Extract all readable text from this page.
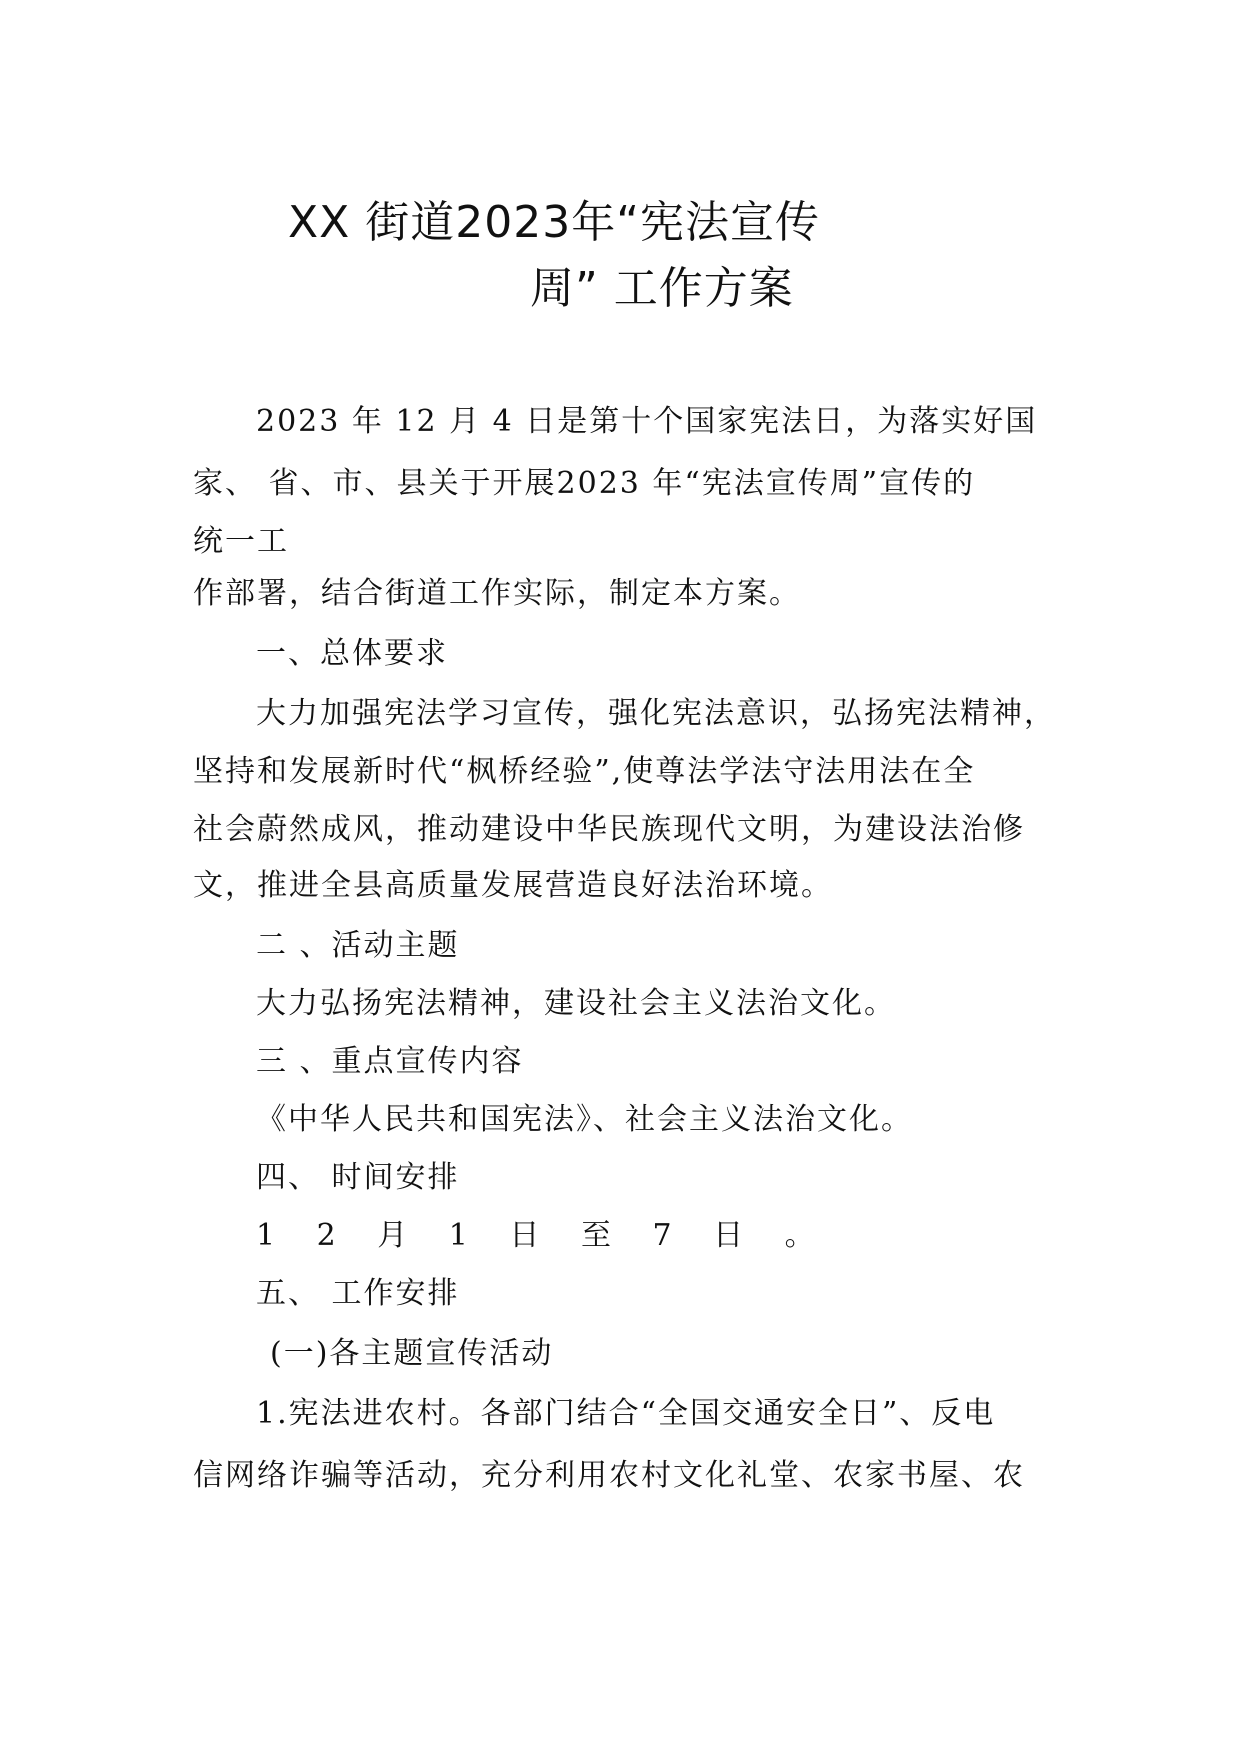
XX 街道2023年“宪法宣传
周” 工作方案
2023 年 12 月 4 日是第十个国家宪法日，为落实好国
家、 省、市、县关于开展2023 年“宪法宣传周”宣传的
统一工
作部署，结合街道工作实际，制定本方案。
一、总体要求
大力加强宪法学习宣传，强化宪法意识，弘扬宪法精神，
坚持和发展新时代“枫桥经验”,使尊法学法守法用法在全
社会蔚然成风，推动建设中华民族现代文明，为建设法治修
文，推进全县高质量发展营造良好法治环境。
二 、活动主题
大力弘扬宪法精神，建设社会主义法治文化。
三 、重点宣传内容
《中华人民共和国宪法》、社会主义法治文化。
四、 时间安排
1 2 月 1 日 至 7 日 。
五、 工作安排
(一)各主题宣传活动
1.宪法进农村。各部门结合“全国交通安全日”、反电
信网络诈骗等活动，充分利用农村文化礼堂、农家书屋、农
